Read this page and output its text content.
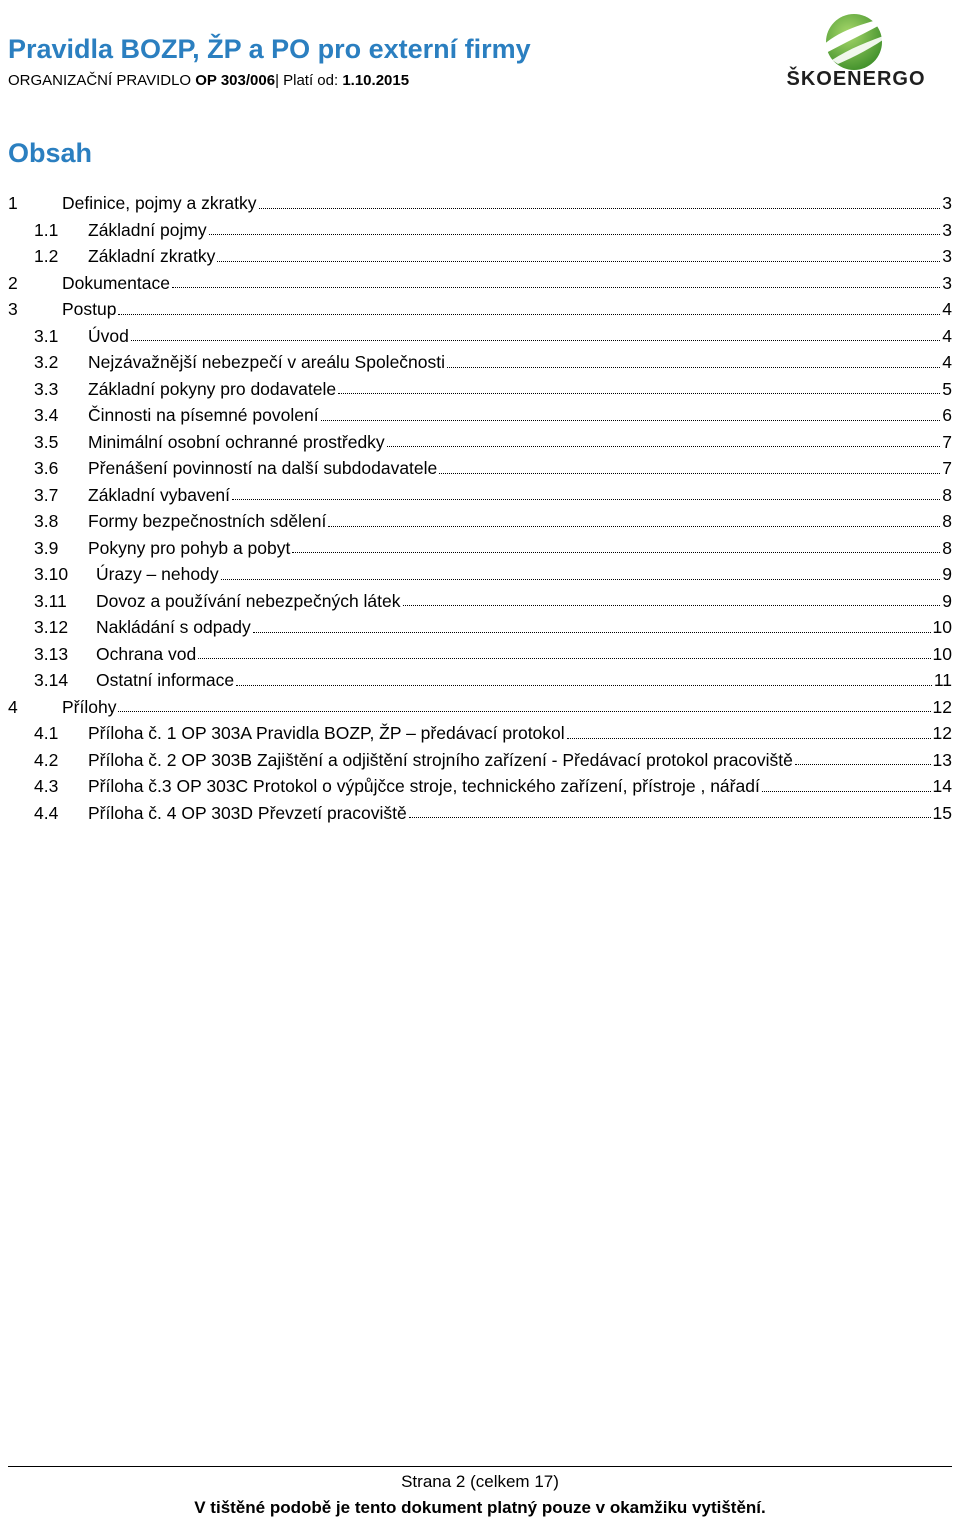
Pravidla BOZP, ŽP a PO pro externí firmy
ORGANIZAČNÍ PRAVIDLO OP 303/006| Platí od: 1.10.2015	ŠKOENERGO
Obsah
1	Definice, pojmy a zkratky	3
1.1	Základní pojmy	3
1.2	Základní zkratky	3
2	Dokumentace	3
3	Postup	4
3.1	Úvod	4
3.2	Nejzávažnější nebezpečí v areálu Společnosti	4
3.3	Základní pokyny pro dodavatele	5
3.4	Činnosti na písemné povolení	6
3.5	Minimální osobní ochranné prostředky	7
3.6	Přenášení povinností na další subdodavatele	7
3.7	Základní vybavení	8
3.8	Formy bezpečnostních sdělení	8
3.9	Pokyny pro pohyb a pobyt	8
3.10	Úrazy – nehody	9
3.11	Dovoz a používání nebezpečných látek	9
3.12	Nakládání s odpady	10
3.13	Ochrana vod	10
3.14	Ostatní informace	11
4	Přílohy	12
4.1	Příloha č. 1 OP 303A Pravidla BOZP, ŽP – předávací protokol	12
4.2	Příloha č. 2 OP 303B Zajištění a odjištění strojního zařízení - Předávací protokol pracoviště	13
4.3	Příloha č.3 OP 303C Protokol o výpůjčce stroje, technického zařízení, přístroje , nářadí	14
4.4	Příloha č. 4 OP 303D Převzetí pracoviště	15
Strana 2 (celkem 17)
V tištěné podobě je tento dokument platný pouze v okamžiku vytištění.
